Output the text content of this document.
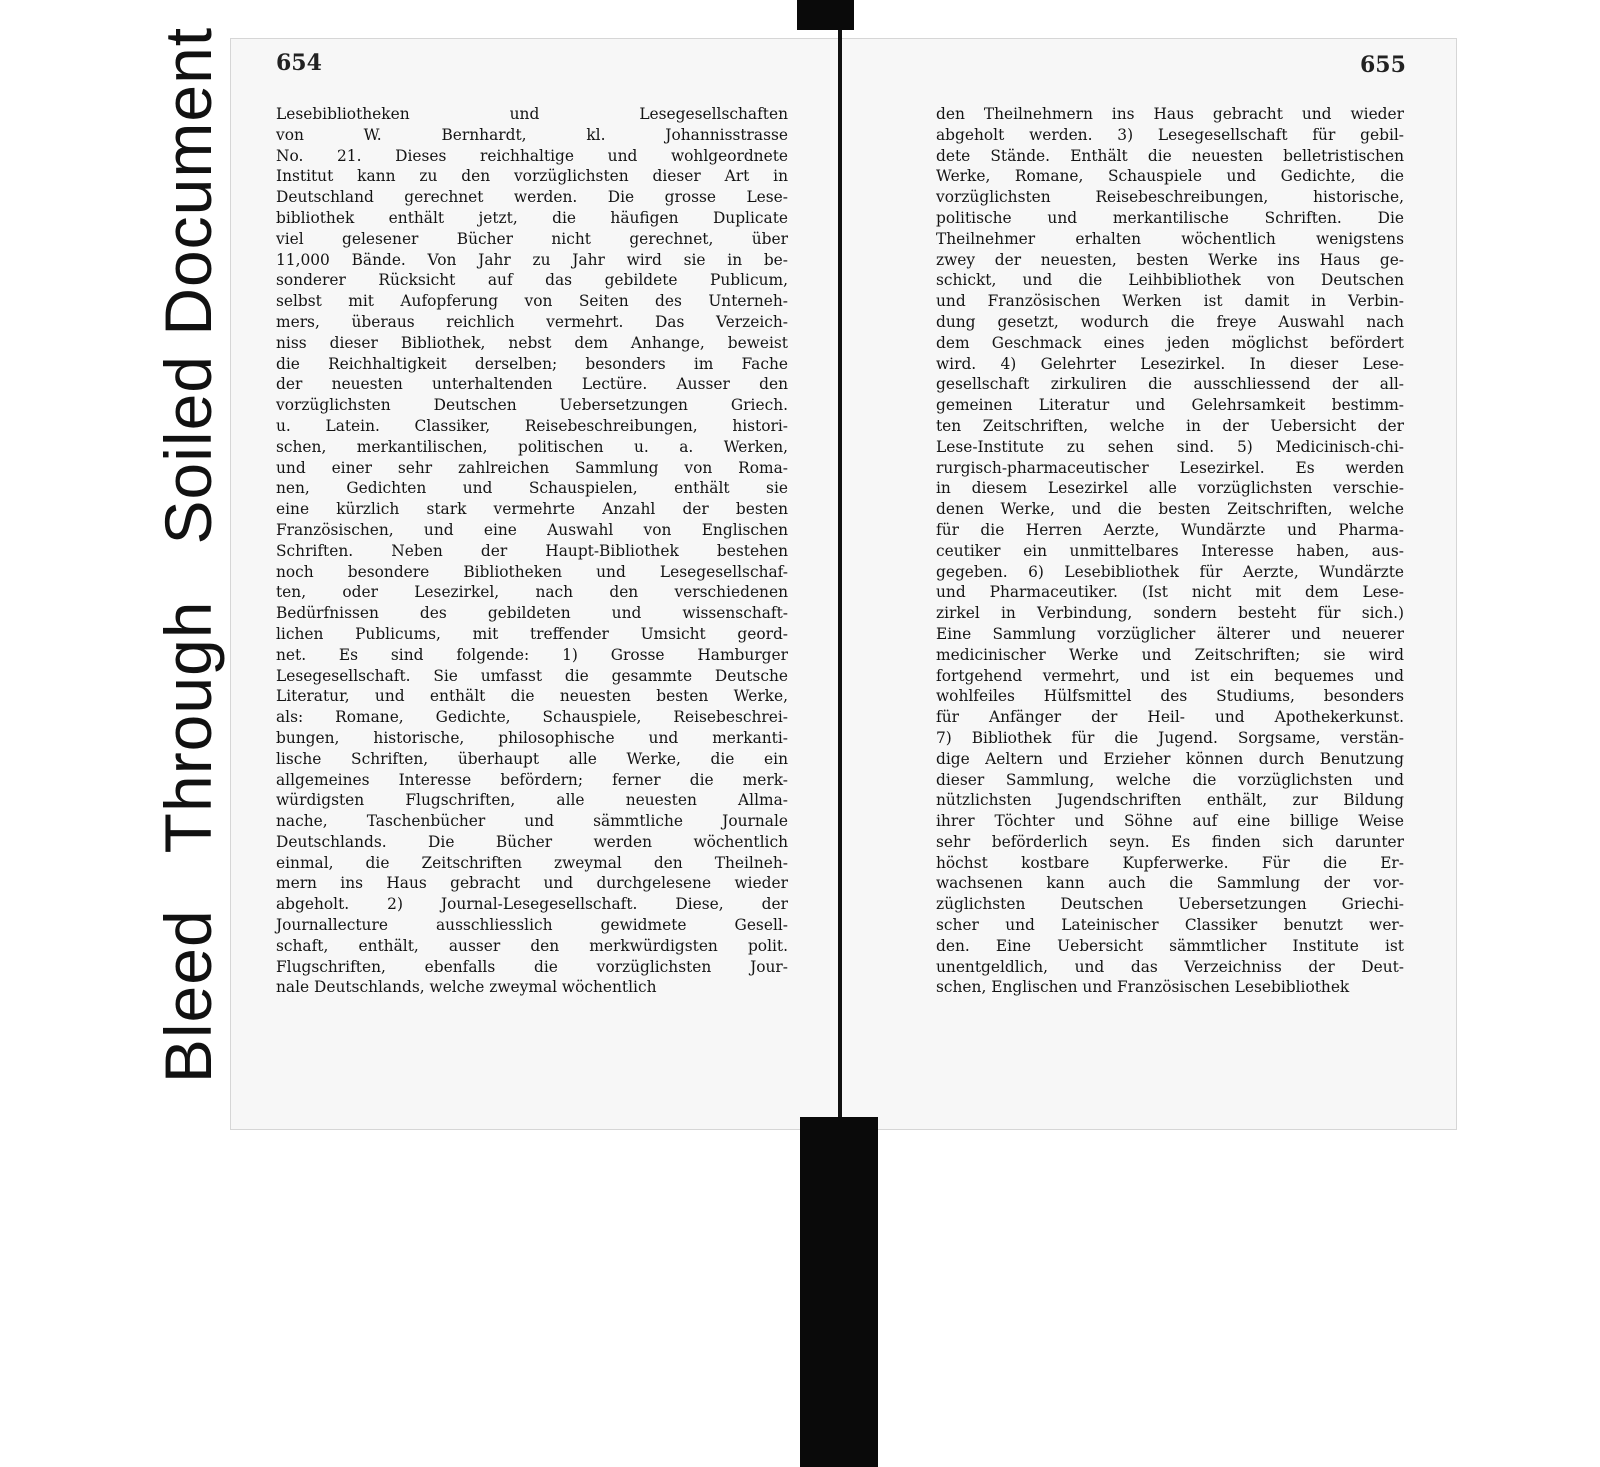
BleedThroughSoiled Document 654	655
Lesebibliotheken und Lesegesellschaften
von W. Bernhardt, kl. Johannisstrasse
No. 21. Dieses reichhaltige und wohlgeordnete
Institut kann zu den vorzüglichsten dieser Art in
Deutschland gerechnet werden. Die grosse Lese-
bibliothek enthält jetzt, die häufigen Duplicate
viel gelesener Bücher nicht gerechnet, über
11,000 Bände. Von Jahr zu Jahr wird sie in be-
sonderer Rücksicht auf das gebildete Publicum,
selbst mit Aufopferung von Seiten des Unterneh-
mers, überaus reichlich vermehrt. Das Verzeich-
niss dieser Bibliothek, nebst dem Anhange, beweist
die Reichhaltigkeit derselben; besonders im Fache
der neuesten unterhaltenden Lectüre. Ausser den
vorzüglichsten Deutschen Uebersetzungen Griech.
u. Latein. Classiker, Reisebeschreibungen, histori-
schen, merkantilischen, politischen u. a. Werken,
und einer sehr zahlreichen Sammlung von Roma-
nen, Gedichten und Schauspielen, enthält sie
eine kürzlich stark vermehrte Anzahl der besten
Französischen, und eine Auswahl von Englischen
Schriften. Neben der Haupt-Bibliothek bestehen
noch besondere Bibliotheken und Lesegesellschaf-
ten, oder Lesezirkel, nach den verschiedenen
Bedürfnissen des gebildeten und wissenschaft-
lichen Publicums, mit treffender Umsicht geord-
net. Es sind folgende: 1) Grosse Hamburger
Lesegesellschaft. Sie umfasst die gesammte Deutsche
Literatur, und enthält die neuesten besten Werke,
als: Romane, Gedichte, Schauspiele, Reisebeschrei-
bungen, historische, philosophische und merkanti-
lische Schriften, überhaupt alle Werke, die ein
allgemeines Interesse befördern; ferner die merk-
würdigsten Flugschriften, alle neuesten Allma-
nache, Taschenbücher und sämmtliche Journale
Deutschlands. Die Bücher werden wöchentlich
einmal, die Zeitschriften zweymal den Theilneh-
mern ins Haus gebracht und durchgelesene wieder
abgeholt. 2) Journal-Lesegesellschaft. Diese, der
Journallecture ausschliesslich gewidmete Gesell-
schaft, enthält, ausser den merkwürdigsten polit.
Flugschriften, ebenfalls die vorzüglichsten Jour-
nale Deutschlands, welche zweymal wöchentlich
den Theilnehmern ins Haus gebracht und wieder
abgeholt werden. 3) Lesegesellschaft für gebil-
dete Stände. Enthält die neuesten belletristischen
Werke, Romane, Schauspiele und Gedichte, die
vorzüglichsten Reisebeschreibungen, historische,
politische und merkantilische Schriften. Die
Theilnehmer erhalten wöchentlich wenigstens
zwey der neuesten, besten Werke ins Haus ge-
schickt, und die Leihbibliothek von Deutschen
und Französischen Werken ist damit in Verbin-
dung gesetzt, wodurch die freye Auswahl nach
dem Geschmack eines jeden möglichst befördert
wird. 4) Gelehrter Lesezirkel. In dieser Lese-
gesellschaft zirkuliren die ausschliessend der all-
gemeinen Literatur und Gelehrsamkeit bestimm-
ten Zeitschriften, welche in der Uebersicht der
Lese-Institute zu sehen sind. 5) Medicinisch-chi-
rurgisch-pharmaceutischer Lesezirkel. Es werden
in diesem Lesezirkel alle vorzüglichsten verschie-
denen Werke, und die besten Zeitschriften, welche
für die Herren Aerzte, Wundärzte und Pharma-
ceutiker ein unmittelbares Interesse haben, aus-
gegeben. 6) Lesebibliothek für Aerzte, Wundärzte
und Pharmaceutiker. (Ist nicht mit dem Lese-
zirkel in Verbindung, sondern besteht für sich.)
Eine Sammlung vorzüglicher älterer und neuerer
medicinischer Werke und Zeitschriften; sie wird
fortgehend vermehrt, und ist ein bequemes und
wohlfeiles Hülfsmittel des Studiums, besonders
für Anfänger der Heil- und Apothekerkunst.
7) Bibliothek für die Jugend. Sorgsame, verstän-
dige Aeltern und Erzieher können durch Benutzung
dieser Sammlung, welche die vorzüglichsten und
nützlichsten Jugendschriften enthält, zur Bildung
ihrer Töchter und Söhne auf eine billige Weise
sehr beförderlich seyn. Es finden sich darunter
höchst kostbare Kupferwerke. Für die Er-
wachsenen kann auch die Sammlung der vor-
züglichsten Deutschen Uebersetzungen Griechi-
scher und Lateinischer Classiker benutzt wer-
den. Eine Uebersicht sämmtlicher Institute ist
unentgeldlich, und das Verzeichniss der Deut-
schen, Englischen und Französischen Lesebibliothek
